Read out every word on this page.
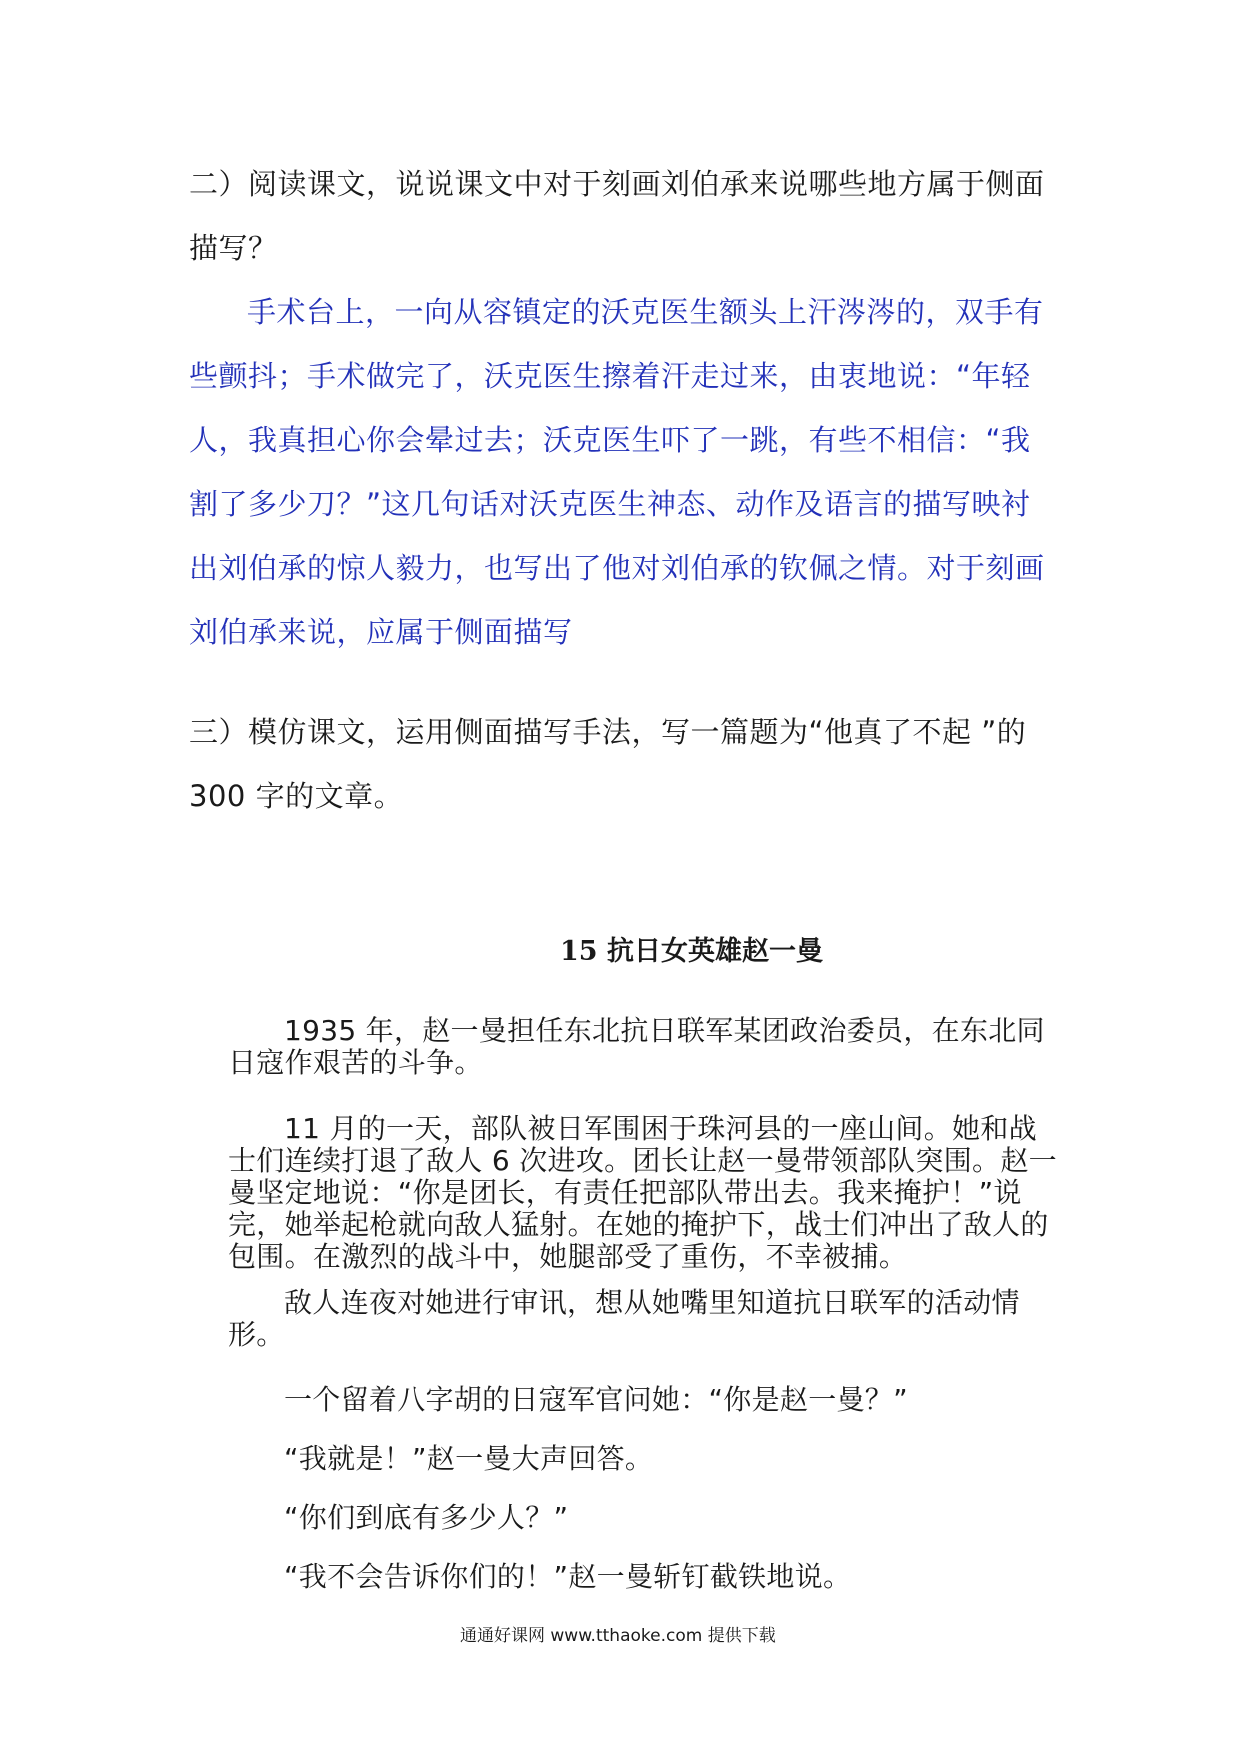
二）阅读课文，说说课文中对于刻画刘伯承来说哪些地方属于侧面描写？
手术台上，一向从容镇定的沃克医生额头上汗涔涔的，双手有些颤抖；手术做完了，沃克医生擦着汗走过来，由衷地说：“年轻人，我真担心你会晕过去；沃克医生吓了一跳，有些不相信：“我割了多少刀？”这几句话对沃克医生神态、动作及语言的描写映衬出刘伯承的惊人毅力，也写出了他对刘伯承的钦佩之情。对于刻画刘伯承来说，应属于侧面描写
三）模仿课文，运用侧面描写手法，写一篇题为“他真了不起 ”的 300 字的文章。
15 抗日女英雄赵一曼
1935 年，赵一曼担任东北抗日联军某团政治委员，在东北同日寇作艰苦的斗争。
11 月的一天，部队被日军围困于珠河县的一座山间。她和战士们连续打退了敌人 6 次进攻。团长让赵一曼带领部队突围。赵一曼坚定地说：“你是团长，有责任把部队带出去。我来掩护！”说完，她举起枪就向敌人猛射。在她的掩护下，战士们冲出了敌人的包围。在激烈的战斗中，她腿部受了重伤，不幸被捕。
敌人连夜对她进行审讯，想从她嘴里知道抗日联军的活动情形。
一个留着八字胡的日寇军官问她：“你是赵一曼？”
“我就是！”赵一曼大声回答。
“你们到底有多少人？”
“我不会告诉你们的！”赵一曼斩钉截铁地说。
通通好课网 www.tthaoke.com 提供下载
